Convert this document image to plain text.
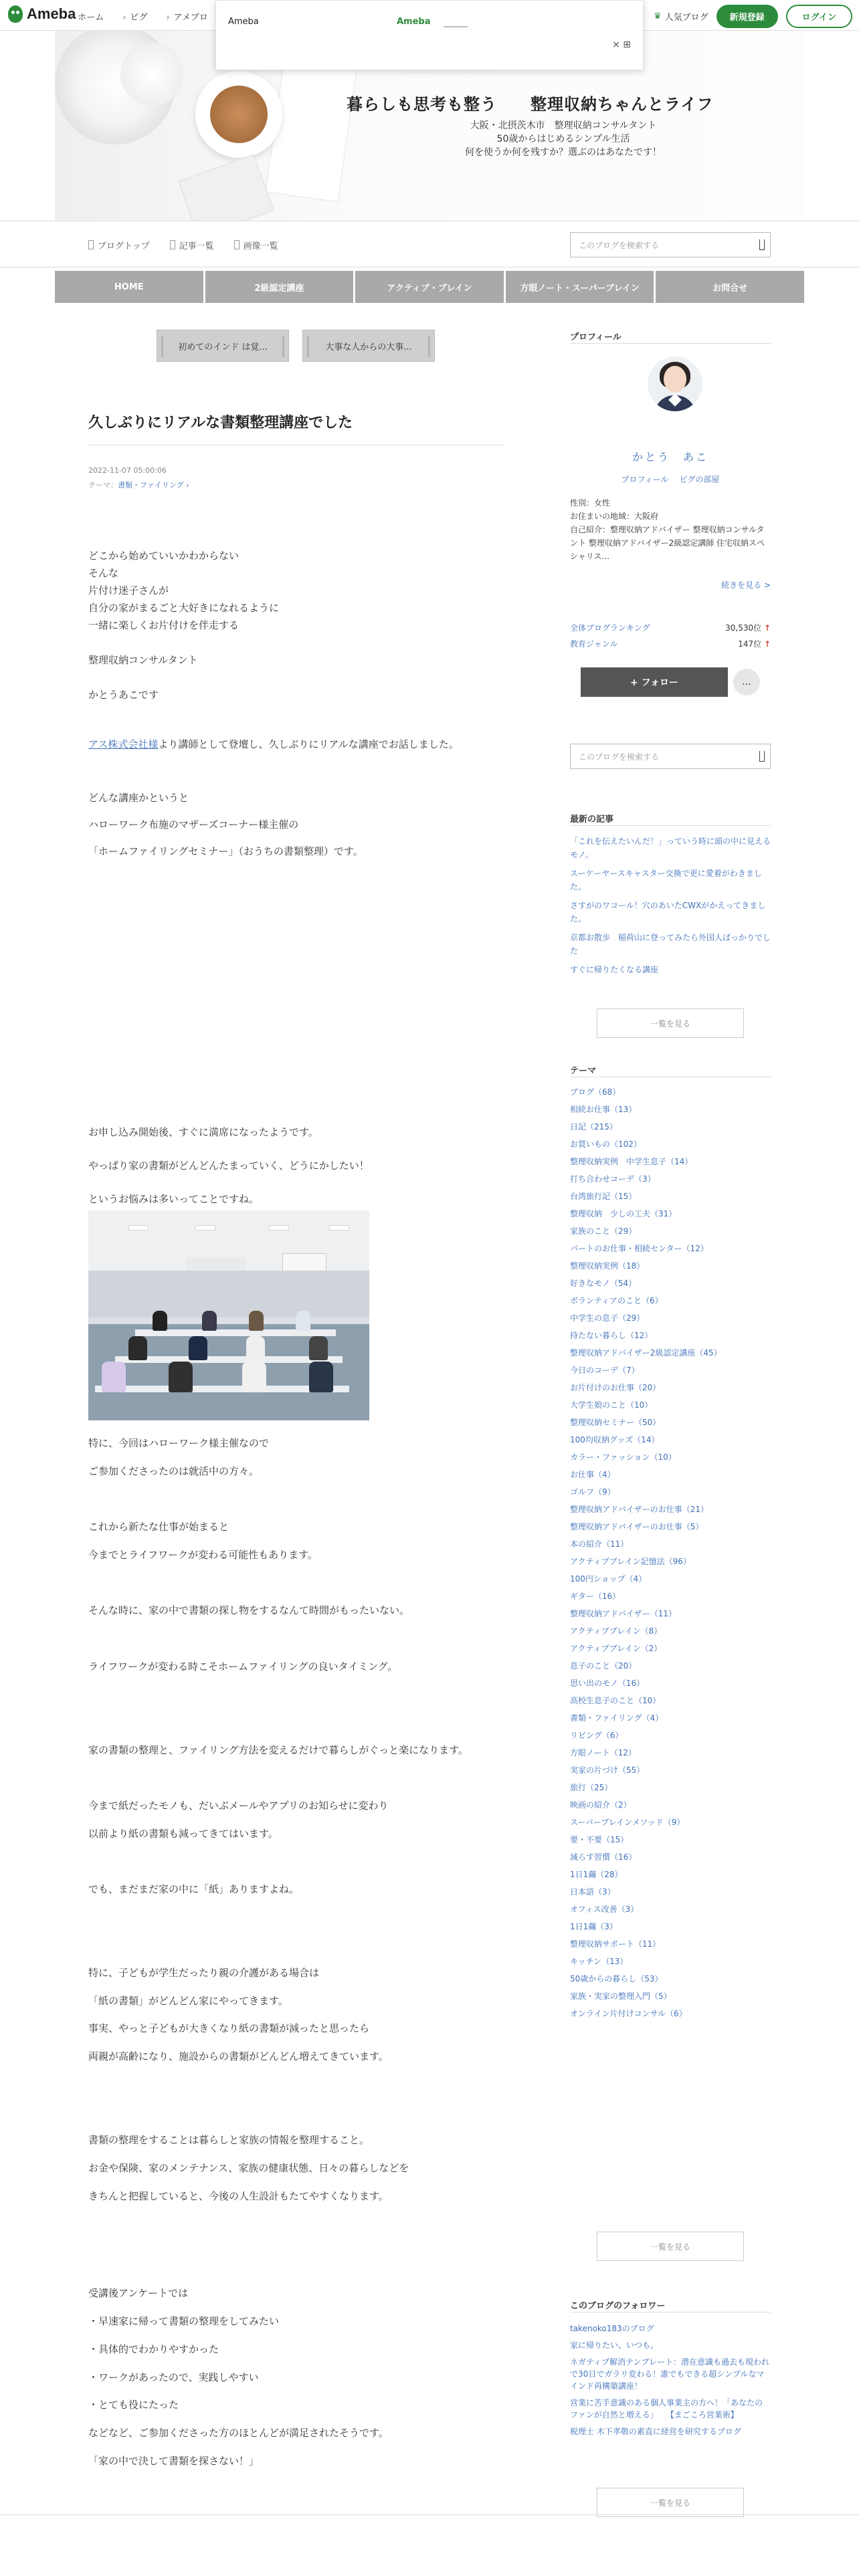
Ameba › ホーム	› ピグ	› アメブロ	♛ 人気ブログ	新規登録	ログイン
Ameba	Ameba
× ⊞
暮らしも思考も整う　　整理収納ちゃんとライフ
大阪・北摂茨木市　整理収納コンサルタント
50歳からはじめるシンプル生活
何を使うか何を残すか？選ぶのはあなたです！
ブログトップ	記事一覧	画像一覧	このブログを検索する
HOME	2級認定講座	アクティブ・ブレイン	方眼ノート・スーパーブレイン	お問合せ
初めてのインド は覚...	大事な人からの大事...
久しぶりにリアルな書類整理講座でした
2022-11-07 05:00:06
テーマ：書類・ファイリング ›
どこから始めていいかわからない
そんな
片付け迷子さんが
自分の家がまるごと大好きになれるように
一緒に楽しくお片付けを伴走する
整理収納コンサルタント
かとうあこです
アス株式会社様より講師として登壇し、久しぶりにリアルな講座でお話しました。
どんな講座かというと
ハローワーク布施のマザーズコーナー様主催の
「ホームファイリングセミナー」（おうちの書類整理）です。
お申し込み開始後、すぐに満席になったようです。
やっぱり家の書類がどんどんたまっていく、どうにかしたい！
というお悩みは多いってことですね。
特に、今回はハローワーク様主催なので
ご参加くださったのは就活中の方々。
これから新たな仕事が始まると
今までとライフワークが変わる可能性もあります。
そんな時に、家の中で書類の探し物をするなんて時間がもったいない。
ライフワークが変わる時こそホームファイリングの良いタイミング。
家の書類の整理と、ファイリング方法を変えるだけで暮らしがぐっと楽になります。
今まで紙だったモノも、だいぶメールやアプリのお知らせに変わり
以前より紙の書類も減ってきてはいます。
でも、まだまだ家の中に「紙」ありますよね。
特に、子どもが学生だったり親の介護がある場合は
「紙の書類」がどんどん家にやってきます。
事実、やっと子どもが大きくなり紙の書類が減ったと思ったら
両親が高齢になり、施設からの書類がどんどん増えてきています。
書類の整理をすることは暮らしと家族の情報を整理すること。
お金や保険、家のメンテナンス、家族の健康状態、日々の暮らしなどを
きちんと把握していると、今後の人生設計もたてやすくなります。
受講後アンケートでは
・早速家に帰って書類の整理をしてみたい
・具体的でわかりやすかった
・ワークがあったので、実践しやすい
・とても役にたった
などなど、ご参加くださった方のほとんどが満足されたそうです。
「家の中で決して書類を探さない！」
プロフィール
かとう　あこ
プロフィール ピグの部屋
性別：女性
お住まいの地域：大阪府
自己紹介：整理収納アドバイザー 整理収納コンサルタント 整理収納アドバイザー2級認定講師 住宅収納スペシャリス...
続きを見る >
全体ブログランキング	30,530位 ↑
教育ジャンル	147位 ↑
+ フォロー	…
このブログを検索する
最新の記事
「これを伝えたいんだ！」っていう時に頭の中に見えるモノ。
スーケーヤースキャスター交換で更に愛着がわきました。
さすがのワコール！穴のあいたCWXがかえってきました。
京都お散歩　稲荷山に登ってみたら外国人ばっかりでした
すぐに帰りたくなる講座
一覧を見る
テーマ
ブログ（68）
相続お仕事（13）
日記（215）
お買いもの（102）
整理収納実例　中学生息子（14）
打ち合わせコーデ（3）
台湾旅行記（15）
整理収納　少しの工夫（31）
家族のこと（29）
パートのお仕事・相続センター（12）
整理収納実例（18）
好きなモノ（54）
ボランティアのこと（6）
中学生の息子（29）
持たない暮らし（12）
整理収納アドバイザー2級認定講座（45）
今日のコーデ（7）
お片付けのお仕事（20）
大学生娘のこと（10）
整理収納セミナー（50）
100均収納グッズ（14）
カラー・ファッション（10）
お仕事（4）
ゴルフ（9）
整理収納アドバイザーのお仕事（21）
整理収納アドバイザーのお仕事（5）
本の紹介（11）
アクティブブレイン記憶法（96）
100円ショップ（4）
ギター（16）
整理収納アドバイザー（11）
アクティブブレイン（8）
アクティブブレイン（2）
息子のこと（20）
思い出のモノ（16）
高校生息子のこと（10）
書類・ファイリング（4）
リビング（6）
方眼ノート（12）
実家の片づけ（55）
旅行（25）
映画の紹介（2）
スーパーブレインメソッド（9）
要・不要（15）
減らす習慣（16）
1日1繭（28）
日本語（3）
オフィス改善（3）
1日1繭（3）
整理収納サポート（11）
キッチン（13）
50歳からの暮らし（53）
家族・実家の整理入門（5）
オンライン片付けコンサル（6）
一覧を見る
このブログのフォロワー
takenoko183のブログ
家に帰りたい、いつも。
ネガティブ解消テンプレート：潜在意識も過去も現われで30日でガラリ変わる！誰でもできる超シンプルなマインド再構築講座！
営業に苦手意識のある個人事業主の方へ！「あなたのファンが自然と増える」　　【まごころ営業術】
税理士 木下孝敬の素直に経営を研究するブログ
一覧を見る
